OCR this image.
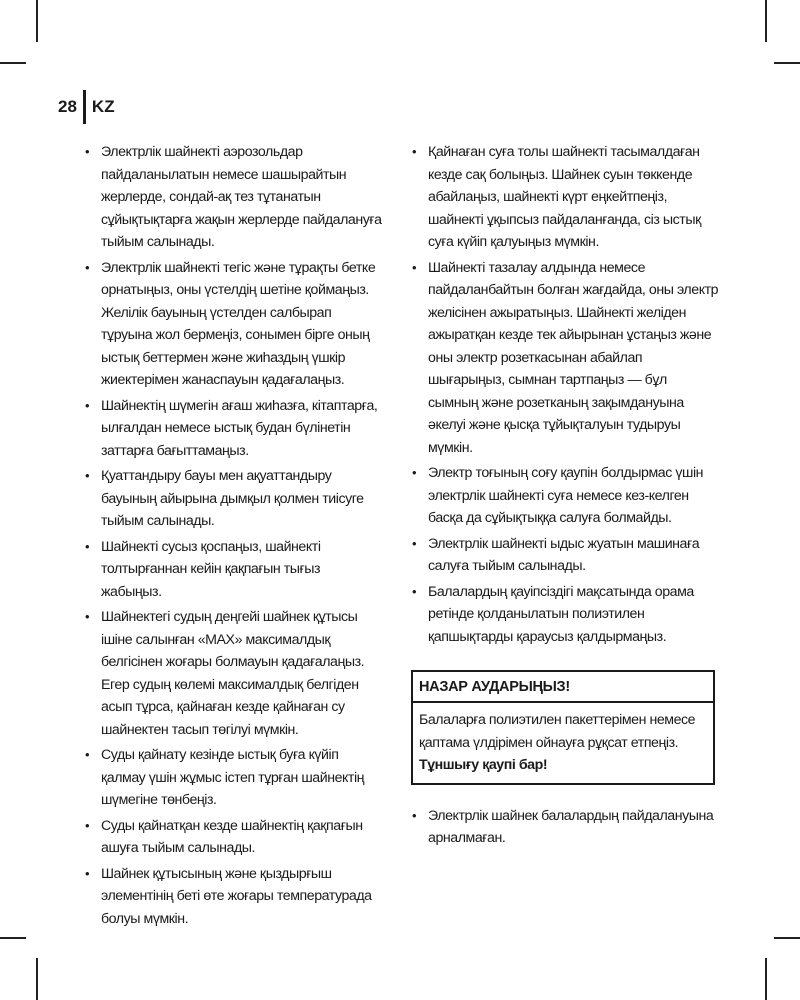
28 KZ
• Электрлік шайнекті аэрозольдар пайдаланылатын немесе шашырайтын жерлерде, сондай-ақ тез тұтанатын сұйықтықтарға жақын жерлерде пайдалануға тыйым салынады.
• Электрлік шайнекті тегіс және тұрақты бетке орнатыңыз, оны үстелдің шетіне қоймаңыз. Желілік бауының үстелден салбырап тұруына жол бермеңіз, сонымен бірге оның ыстық беттермен және жиһаздың үшкір жиектерімен жанаспауын қадағалаңыз.
• Шайнектің шүмегін ағаш жиһазға, кітаптарға, ылғалдан немесе ыстық будан бүлінетін заттарға бағыттамаңыз.
• Қуаттандыру бауы мен ақуаттандыру бауының айырына дымқыл қолмен тиісуге тыйым салынады.
• Шайнекті сусыз қоспаңыз, шайнекті толтырғаннан кейін қақпағын тығыз жабыңыз.
• Шайнектегі судың деңгейі шайнек құтысы ішіне салынған «MAX» максималдық белгісінен жоғары болмауын қадағалаңыз. Егер судың көлемі максималдық белгіден асып тұрса, қайнаған кезде қайнаған су шайнектен тасып төгілуі мүмкін.
• Суды қайнату кезінде ыстық буға күйіп қалмау үшін жұмыс істеп тұрған шайнектің шүмегіне төнбеңіз.
• Суды қайнатқан кезде шайнектің қақпағын ашуға тыйым салынады.
• Шайнек құтысының және қыздырғыш элементінің беті өте жоғары температурада болуы мүмкін.
• Қайнаған суға толы шайнекті тасымалдаған кезде сақ болыңыз. Шайнек суын төккенде абайлаңыз, шайнекті күрт еңкейтпеңіз, шайнекті ұқыпсыз пайдаланғанда, сіз ыстық суға күйіп қалуыңыз мүмкін.
• Шайнекті тазалау алдында немесе пайдаланбайтын болған жағдайда, оны электр желісінен ажыратыңыз. Шайнекті желіден ажыратқан кезде тек айырынан ұстаңыз және оны электр розеткасынан абайлап шығарыңыз, сымнан тартпаңыз — бұл сымның және розетканың зақымдануына әкелуі және қысқа тұйықталуын тудыруы мүмкін.
• Электр тоғының соғу қаупін болдырмас үшін электрлік шайнекті суға немесе кез-келген басқа да сұйықтыққа салуға болмайды.
• Электрлік шайнекті ыдыс жуатын машинаға салуға тыйым салынады.
• Балалардың қауіпсіздігі мақсатында орама ретінде қолданылатын полиэтилен қапшықтарды қараусыз қалдырмаңыз.
НАЗАР АУДАРЫҢЫЗ!
Балаларға полиэтилен пакеттерімен немесе қаптама үлдірімен ойнауға рұқсат етпеңіз. Тұншығу қаупі бар!
• Электрлік шайнек балалардың пайдалануына арналмаған.
